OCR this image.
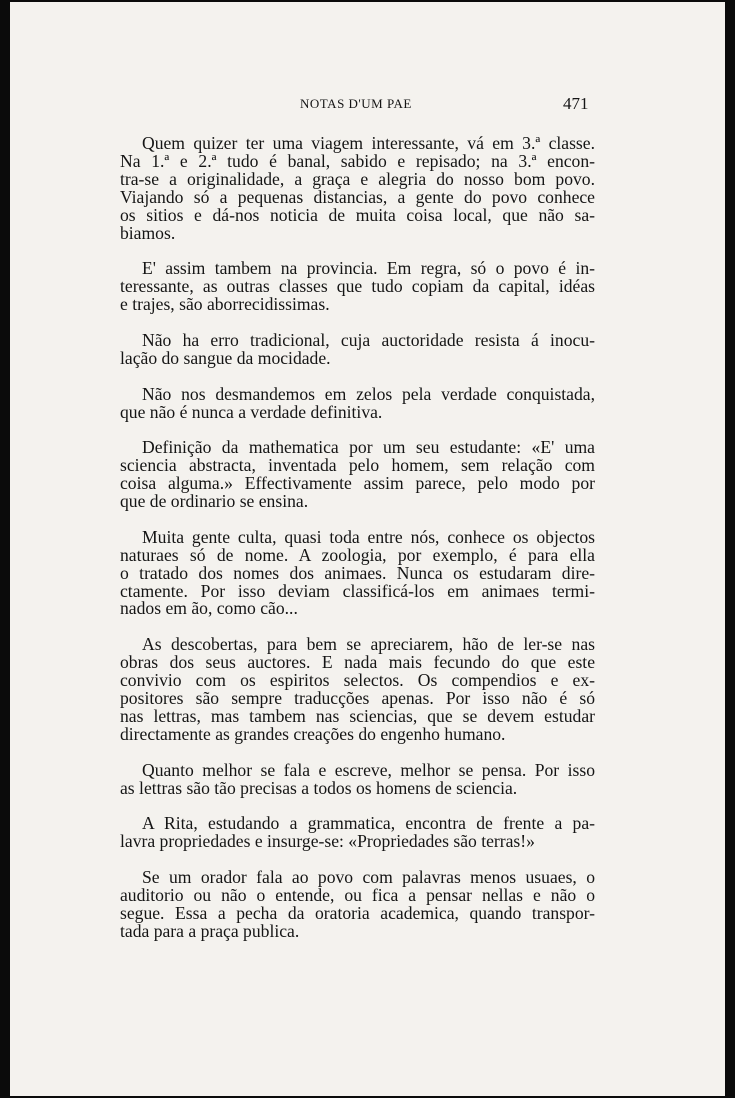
NOTAS D'UM PAE	471
Quem quizer ter uma viagem interessante, vá em 3.ª classe.
Na 1.ª e 2.ª tudo é banal, sabido e repisado; na 3.ª encon-
tra-se a originalidade, a graça e alegria do nosso bom povo.
Viajando só a pequenas distancias, a gente do povo conhece
os sitios e dá-nos noticia de muita coisa local, que não sa-
biamos.
E' assim tambem na provincia. Em regra, só o povo é in-
teressante, as outras classes que tudo copiam da capital, idéas
e trajes, são aborrecidissimas.
Não ha erro tradicional, cuja auctoridade resista á inocu-
lação do sangue da mocidade.
Não nos desmandemos em zelos pela verdade conquistada,
que não é nunca a verdade definitiva.
Definição da mathematica por um seu estudante: «E' uma
sciencia abstracta, inventada pelo homem, sem relação com
coisa alguma.» Effectivamente assim parece, pelo modo por
que de ordinario se ensina.
Muita gente culta, quasi toda entre nós, conhece os objectos
naturaes só de nome. A zoologia, por exemplo, é para ella
o tratado dos nomes dos animaes. Nunca os estudaram dire-
ctamente. Por isso deviam classificá-los em animaes termi-
nados em ão, como cão...
As descobertas, para bem se apreciarem, hão de ler-se nas
obras dos seus auctores. E nada mais fecundo do que este
convivio com os espiritos selectos. Os compendios e ex-
positores são sempre traducções apenas. Por isso não é só
nas lettras, mas tambem nas sciencias, que se devem estudar
directamente as grandes creações do engenho humano.
Quanto melhor se fala e escreve, melhor se pensa. Por isso
as lettras são tão precisas a todos os homens de sciencia.
A Rita, estudando a grammatica, encontra de frente a pa-
lavra propriedades e insurge-se: «Propriedades são terras!»
Se um orador fala ao povo com palavras menos usuaes, o
auditorio ou não o entende, ou fica a pensar nellas e não o
segue. Essa a pecha da oratoria academica, quando transpor-
tada para a praça publica.
